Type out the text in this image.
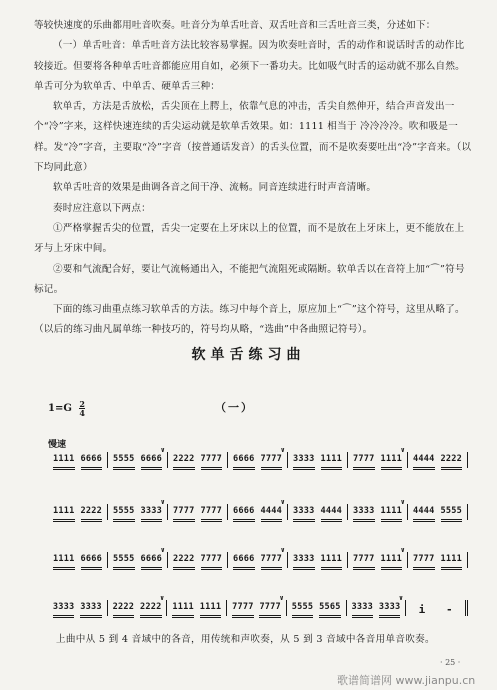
等较快速度的乐曲都用吐音吹奏。吐音分为单舌吐音、双舌吐音和三舌吐音三类，分述如下：

（一）单舌吐音：单舌吐音方法比较容易掌握。因为吹奏吐音时，舌的动作和说话时舌的动作比较接近。但要将各种单舌吐音都能应用自如，必须下一番功夫。比如吸气时舌的运动就不那么自然。单舌可分为软单舌、中单舌、硬单舌三种：

软单舌，方法是舌放松，舌尖顶在上腭上，依靠气息的冲击，舌尖自然伸开，结合声音发出一个“冷”字来，这样快速连续的舌尖运动就是软单舌效果。如：1111 相当于 冷冷冷冷。吹和吸是一样。发“冷”字音，主要取“冷”字音（按普通话发音）的舌头位置，而不是吹奏要吐出“冷”字音来。（以下均同此意）

软单舌吐音的效果是曲调各音之间干净、流畅。同音连续进行时声音清晰。

奏时应注意以下两点：

①严格掌握舌尖的位置，舌尖一定要在上牙床以上的位置，而不是放在上牙床上，更不能放在上牙与上牙床中间。

②要和气流配合好，要让气流畅通出入，不能把气流阻死或隔断。软单舌以在音符上加“⌒”符号标记。

下面的练习曲重点练习软单舌的方法。练习中每个音上，原应加上“⌒”这个符号，这里从略了。（以后的练习曲凡属单练一种技巧的，符号均从略，“选曲”中各曲照记符号）。

软单舌练习曲
$1=G \frac{2}{4}$	（一）
慢速
1111 6666 5555 6666
∨
2222 7777 6666 7777
∨
3333 1111 7777 1111
∨
4444 2222
1111 2222 5555 3333
∨
7777 7777 6666 4444
∨
3333 4444 3333 1111
∨
4444 5555
1111 6666 5555 6666
∨
2222 7777 6666 7777
∨
3333 1111 7777 1111
∨
7777 1111
3333 3333 2222 2222
∨
1111 1111 7777 7777
∨
5555 5565 3333 3333
∨
i -
上曲中从 5 到 4 音域中的各音，用传统和声吹奏，从 5 到 3 音域中各音用单音吹奏。
· 25 ·
歌谱简谱网 www.jianpu.cn
